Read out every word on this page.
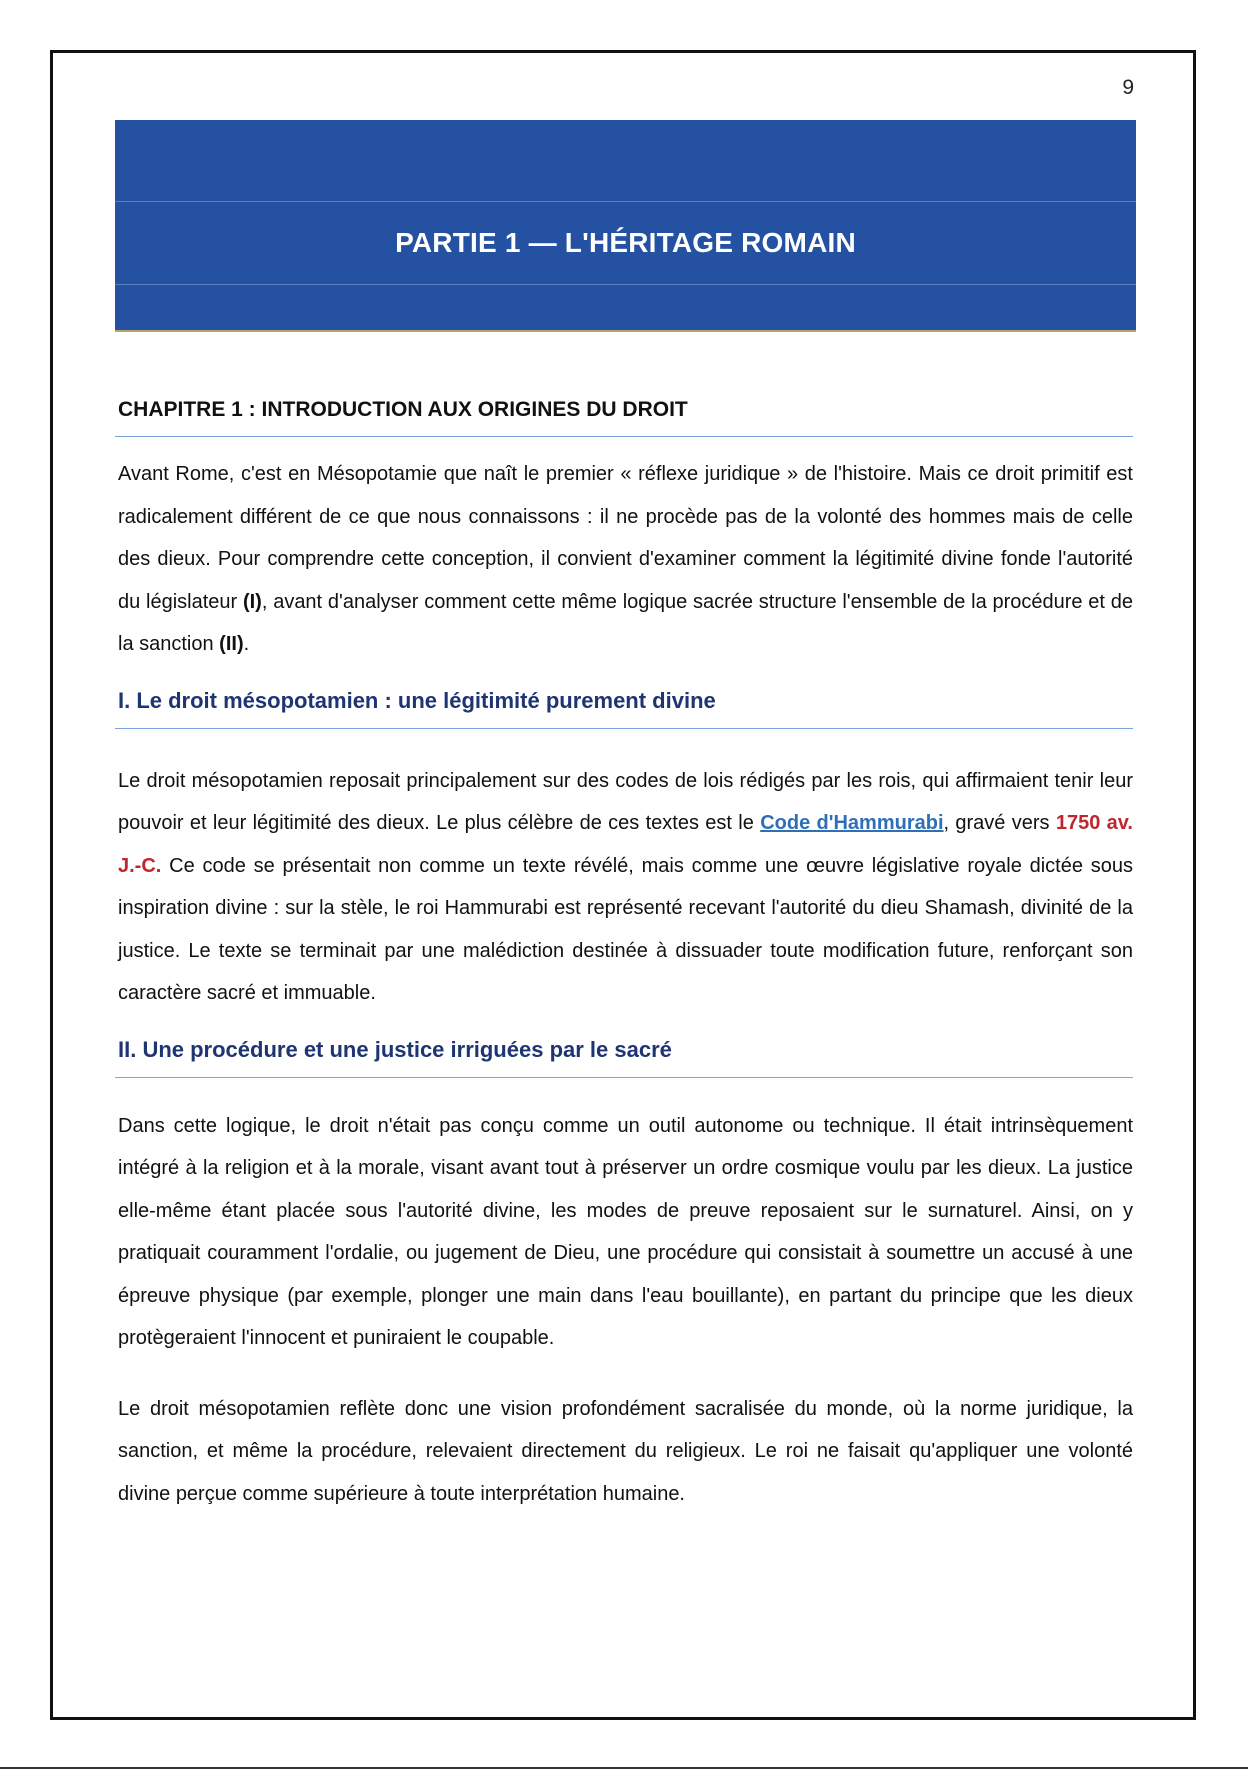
9
PARTIE 1 — L'HÉRITAGE ROMAIN
CHAPITRE 1 : INTRODUCTION AUX ORIGINES DU DROIT

Avant Rome, c'est en Mésopotamie que naît le premier « réflexe juridique » de l'histoire. Mais ce droit primitif est radicalement différent de ce que nous connaissons : il ne procède pas de la volonté des hommes mais de celle des dieux. Pour comprendre cette conception, il convient d'examiner comment la légitimité divine fonde l'autorité du législateur (I), avant d'analyser comment cette même logique sacrée structure l'ensemble de la procédure et de la sanction (II).

I. Le droit mésopotamien : une légitimité purement divine

Le droit mésopotamien reposait principalement sur des codes de lois rédigés par les rois, qui affirmaient tenir leur pouvoir et leur légitimité des dieux. Le plus célèbre de ces textes est le Code d'Hammurabi, gravé vers 1750 av. J.-C. Ce code se présentait non comme un texte révélé, mais comme une œuvre législative royale dictée sous inspiration divine : sur la stèle, le roi Hammurabi est représenté recevant l'autorité du dieu Shamash, divinité de la justice. Le texte se terminait par une malédiction destinée à dissuader toute modification future, renforçant son caractère sacré et immuable.

II. Une procédure et une justice irriguées par le sacré

Dans cette logique, le droit n'était pas conçu comme un outil autonome ou technique. Il était intrinsèquement intégré à la religion et à la morale, visant avant tout à préserver un ordre cosmique voulu par les dieux. La justice elle-même étant placée sous l'autorité divine, les modes de preuve reposaient sur le surnaturel. Ainsi, on y pratiquait couramment l'ordalie, ou jugement de Dieu, une procédure qui consistait à soumettre un accusé à une épreuve physique (par exemple, plonger une main dans l'eau bouillante), en partant du principe que les dieux protègeraient l'innocent et puniraient le coupable.

Le droit mésopotamien reflète donc une vision profondément sacralisée du monde, où la norme juridique, la sanction, et même la procédure, relevaient directement du religieux. Le roi ne faisait qu'appliquer une volonté divine perçue comme supérieure à toute interprétation humaine.
